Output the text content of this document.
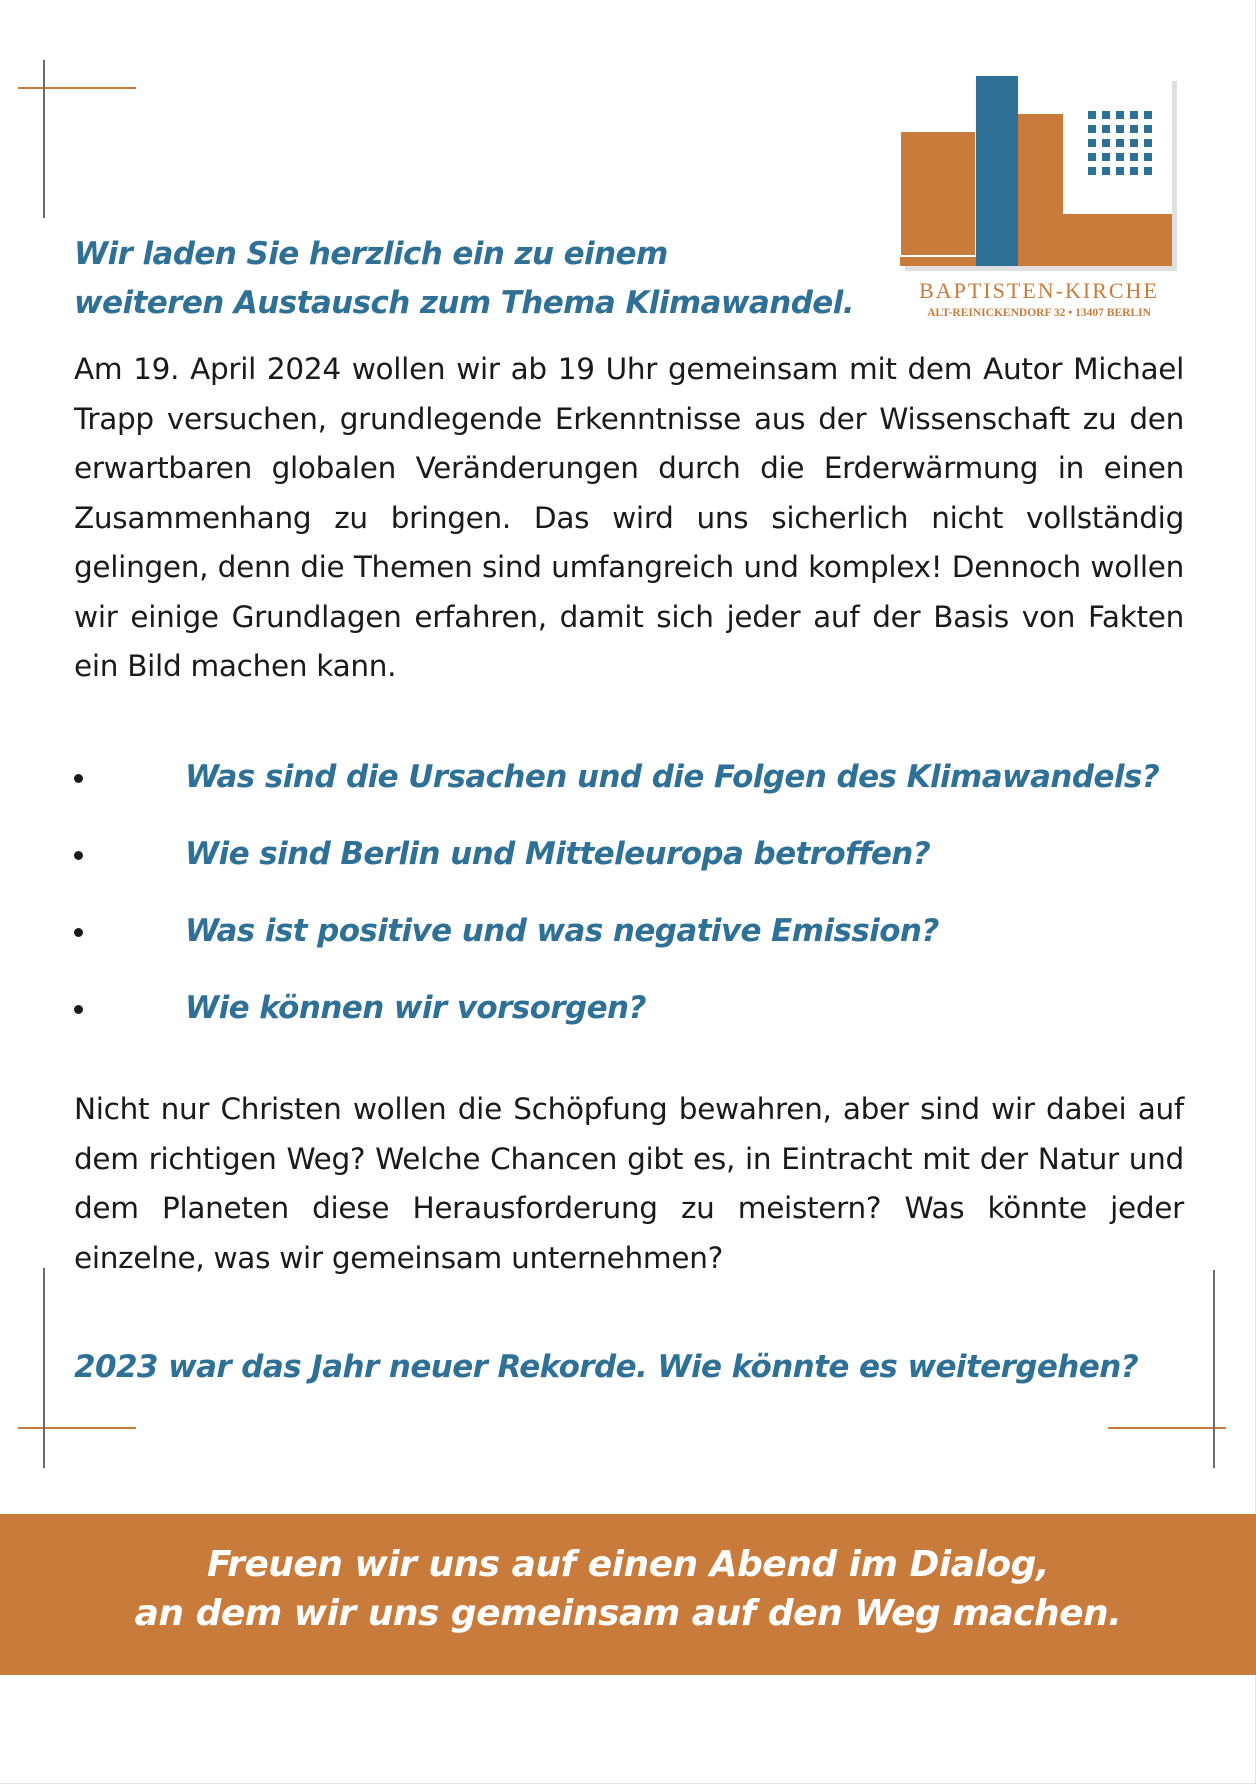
BAPTISTEN-KIRCHE
ALT-REINICKENDORF 32 • 13407 BERLIN
Wir laden Sie herzlich ein zu einem
weiteren Austausch zum Thema Klimawandel.
Am 19. April 2024 wollen wir ab 19 Uhr gemeinsam mit dem Autor Michael Trapp versuchen, grundlegende Erkenntnisse aus der Wissenschaft zu den erwartbaren globalen Veränderungen durch die Erderwärmung in einen Zusammenhang zu bringen. Das wird uns sicherlich nicht vollständig gelingen, denn die Themen sind umfangreich und komplex! Dennoch wollen wir einige Grundlagen erfahren, damit sich jeder auf der Basis von Fakten ein Bild machen kann.
Was sind die Ursachen und die Folgen des Klimawandels?
Wie sind Berlin und Mitteleuropa betroffen?
Was ist positive und was negative Emission?
Wie können wir vorsorgen?
Nicht nur Christen wollen die Schöpfung bewahren, aber sind wir dabei auf dem richtigen Weg? Welche Chancen gibt es, in Eintracht mit der Natur und dem Planeten diese Herausforderung zu meistern? Was könnte jeder einzelne, was wir gemeinsam unternehmen?
2023 war das Jahr neuer Rekorde. Wie könnte es weitergehen?
Freuen wir uns auf einen Abend im Dialog,
an dem wir uns gemeinsam auf den Weg machen.
